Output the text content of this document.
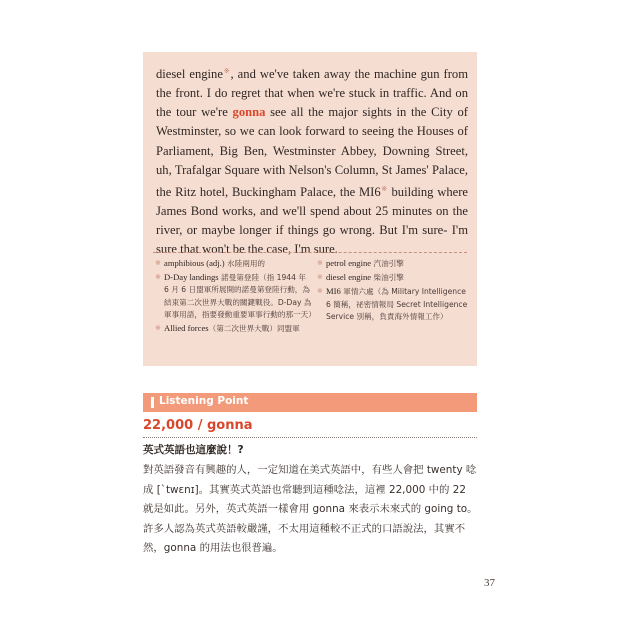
diesel engine※, and we've taken away the machine gun from the front. I do regret that when we're stuck in traffic. And on the tour we're gonna see all the major sights in the City of Westminster, so we can look forward to seeing the Houses of Parliament, Big Ben, Westminster Abbey, Downing Street, uh, Trafalgar Square with Nelson's Column, St James' Palace, the Ritz hotel, Buckingham Palace, the MI6※ building where James Bond works, and we'll spend about 25 minutes on the river, or maybe longer if things go wrong. But I'm sure- I'm sure that won't be the case, I'm sure.
※ amphibious (adj.) 水陸兩用的
※ D-Day landings 諾曼第登陸（指 1944 年 6 月 6 日盟軍所展開的諾曼第登陸行動，為結束第二次世界大戰的關鍵戰役。D-Day 為軍事用語，指要發動重要軍事行動的那一天）
※ Allied forces（第二次世界大戰）同盟軍
※ petrol engine 汽油引擎
※ diesel engine 柴油引擎
※ MI6 軍情六處（為 Military Intelligence 6 簡稱，祕密情報局 Secret Intelligence Service 別稱，負責海外情報工作）
Listening Point
22,000 / gonna
英式英語也這麼說！?

對英語發音有興趣的人，一定知道在美式英語中，有些人會把 twenty 唸成 [ˋtwɛnɪ]。其實英式英語也常聽到這種唸法，這裡 22,000 中的 22 就是如此。另外，英式英語一樣會用 gonna 來表示未來式的 going to。許多人認為英式英語較嚴謹，不太用這種較不正式的口語說法，其實不然，gonna 的用法也很普遍。

37
